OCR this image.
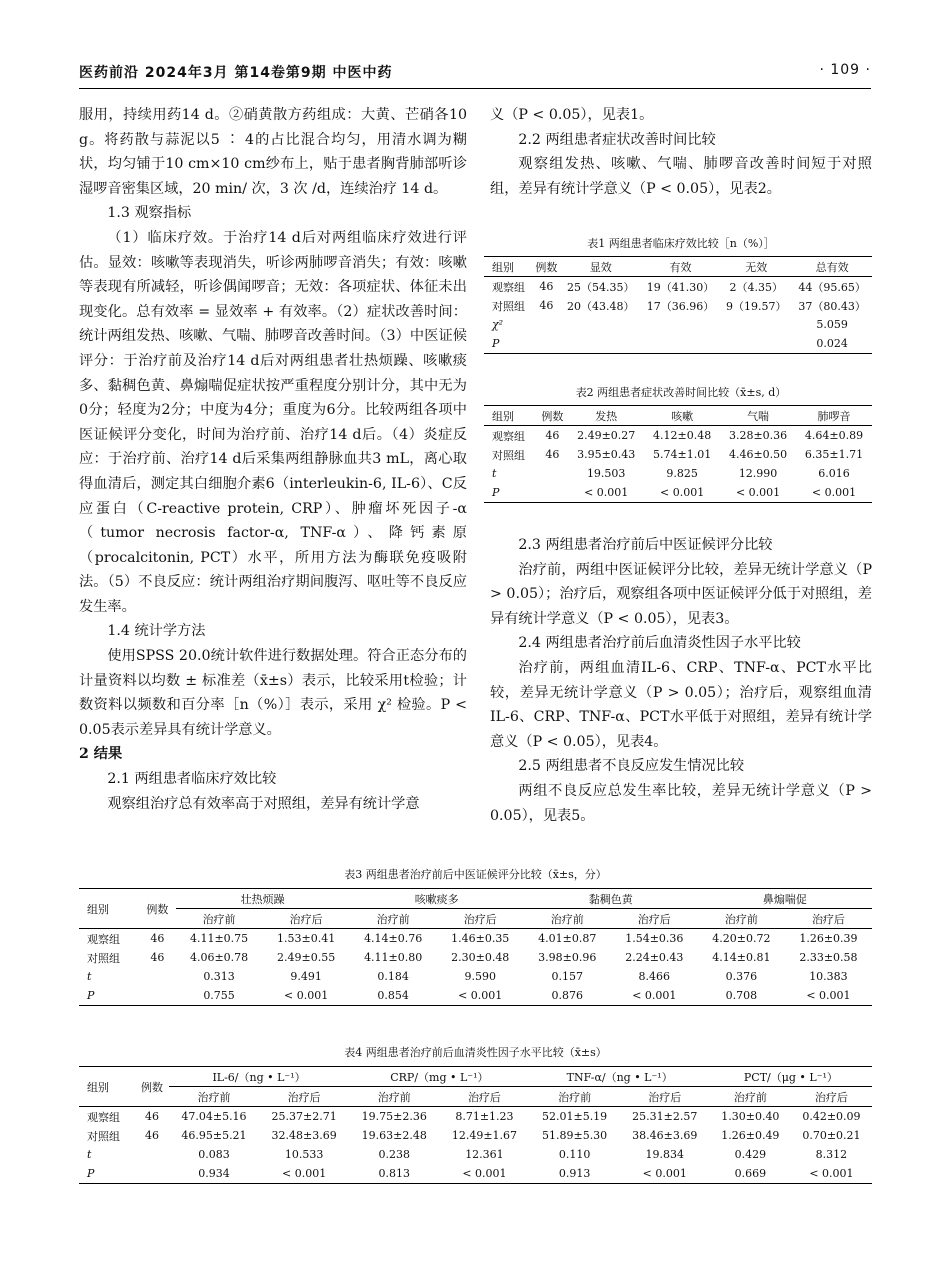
医药前沿 2024年3月 第14卷第9期 中医中药	· 109 ·

服用，持续用药14 d。②硝黄散方药组成：大黄、芒硝各10 g。将药散与蒜泥以5 ∶ 4的占比混合均匀，用清水调为糊状，均匀铺于10 cm×10 cm纱布上，贴于患者胸背肺部听诊湿啰音密集区域，20 min/ 次，3 次 /d，连续治疗 14 d。

1.3 观察指标

（1）临床疗效。于治疗14 d后对两组临床疗效进行评估。显效：咳嗽等表现消失，听诊两肺啰音消失；有效：咳嗽等表现有所减轻，听诊偶闻啰音；无效：各项症状、体征未出现变化。总有效率 = 显效率 + 有效率。（2）症状改善时间：统计两组发热、咳嗽、气喘、肺啰音改善时间。（3）中医证候评分：于治疗前及治疗14 d后对两组患者壮热烦躁、咳嗽痰多、黏稠色黄、鼻煽喘促症状按严重程度分别计分，其中无为0分；轻度为2分；中度为4分；重度为6分。比较两组各项中医证候评分变化，时间为治疗前、治疗14 d后。（4）炎症反应：于治疗前、治疗14 d后采集两组静脉血共3 mL，离心取得血清后，测定其白细胞介素6（interleukin-6, IL-6）、C反应蛋白（C-reactive protein, CRP）、肿瘤坏死因子-α（tumor necrosis factor-α, TNF-α）、降钙素原（procalcitonin, PCT）水平，所用方法为酶联免疫吸附法。（5）不良反应：统计两组治疗期间腹泻、呕吐等不良反应发生率。

1.4 统计学方法

使用SPSS 20.0统计软件进行数据处理。符合正态分布的计量资料以均数 ± 标准差（x̄±s）表示，比较采用t检验；计数资料以频数和百分率［n（%）］表示，采用 χ² 检验。P < 0.05表示差异具有统计学意义。

2 结果

2.1 两组患者临床疗效比较

观察组治疗总有效率高于对照组，差异有统计学意

义（P < 0.05），见表1。

2.2 两组患者症状改善时间比较

观察组发热、咳嗽、气喘、肺啰音改善时间短于对照组，差异有统计学意义（P < 0.05），见表2。

表1 两组患者临床疗效比较［n（%）］

组别	例数	显效	有效	无效	总有效
观察组	46	25（54.35）	19（41.30）	2（4.35）	44（95.65）
对照组	46	20（43.48）	17（36.96）	9（19.57）	37（80.43）
χ²					5.059
P					0.024

表2 两组患者症状改善时间比较（x̄±s, d）

组别	例数	发热	咳嗽	气喘	肺啰音
观察组	46	2.49±0.27	4.12±0.48	3.28±0.36	4.64±0.89
对照组	46	3.95±0.43	5.74±1.01	4.46±0.50	6.35±1.71
t		19.503	9.825	12.990	6.016
P		< 0.001	< 0.001	< 0.001	< 0.001

2.3 两组患者治疗前后中医证候评分比较

治疗前，两组中医证候评分比较，差异无统计学意义（P > 0.05）；治疗后，观察组各项中医证候评分低于对照组，差异有统计学意义（P < 0.05），见表3。

2.4 两组患者治疗前后血清炎性因子水平比较

治疗前，两组血清IL-6、CRP、TNF-α、PCT水平比较，差异无统计学意义（P > 0.05）；治疗后，观察组血清IL-6、CRP、TNF-α、PCT水平低于对照组，差异有统计学意义（P < 0.05），见表4。

2.5 两组患者不良反应发生情况比较

两组不良反应总发生率比较，差异无统计学意义（P > 0.05），见表5。

表3 两组患者治疗前后中医证候评分比较（x̄±s，分）

组别	例数	壮热烦躁		咳嗽痰多		黏稠色黄		鼻煽喘促	
		治疗前	治疗后	治疗前	治疗后	治疗前	治疗后	治疗前	治疗后
观察组	46	4.11±0.75	1.53±0.41	4.14±0.76	1.46±0.35	4.01±0.87	1.54±0.36	4.20±0.72	1.26±0.39
对照组	46	4.06±0.78	2.49±0.55	4.11±0.80	2.30±0.48	3.98±0.96	2.24±0.43	4.14±0.81	2.33±0.58
t		0.313	9.491	0.184	9.590	0.157	8.466	0.376	10.383
P		0.755	< 0.001	0.854	< 0.001	0.876	< 0.001	0.708	< 0.001

表4 两组患者治疗前后血清炎性因子水平比较（x̄±s）

组别	例数	IL-6/（ng • L⁻¹）		CRP/（mg • L⁻¹）		TNF-α/（ng • L⁻¹）		PCT/（μg • L⁻¹）	
		治疗前	治疗后	治疗前	治疗后	治疗前	治疗后	治疗前	治疗后
观察组	46	47.04±5.16	25.37±2.71	19.75±2.36	8.71±1.23	52.01±5.19	25.31±2.57	1.30±0.40	0.42±0.09
对照组	46	46.95±5.21	32.48±3.69	19.63±2.48	12.49±1.67	51.89±5.30	38.46±3.69	1.26±0.49	0.70±0.21
t		0.083	10.533	0.238	12.361	0.110	19.834	0.429	8.312
P		0.934	< 0.001	0.813	< 0.001	0.913	< 0.001	0.669	< 0.001
